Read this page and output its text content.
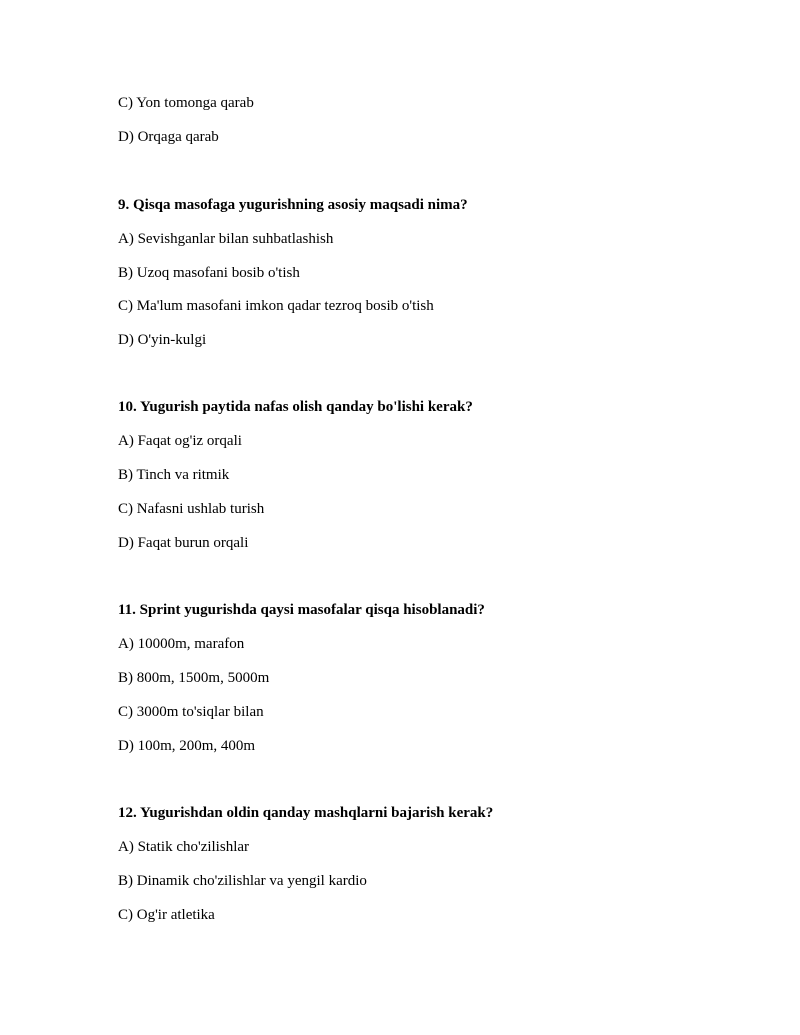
C) Yon tomonga qarab
D) Orqaga qarab
9. Qisqa masofaga yugurishning asosiy maqsadi nima?
A) Sevishganlar bilan suhbatlashish
B) Uzoq masofani bosib o'tish
C) Ma'lum masofani imkon qadar tezroq bosib o'tish
D) O'yin-kulgi
10. Yugurish paytida nafas olish qanday bo'lishi kerak?
A) Faqat og'iz orqali
B) Tinch va ritmik
C) Nafasni ushlab turish
D) Faqat burun orqali
11. Sprint yugurishda qaysi masofalar qisqa hisoblanadi?
A) 10000m, marafon
B) 800m, 1500m, 5000m
C) 3000m to'siqlar bilan
D) 100m, 200m, 400m
12. Yugurishdan oldin qanday mashqlarni bajarish kerak?
A) Statik cho'zilishlar
B) Dinamik cho'zilishlar va yengil kardio
C) Og'ir atletika
